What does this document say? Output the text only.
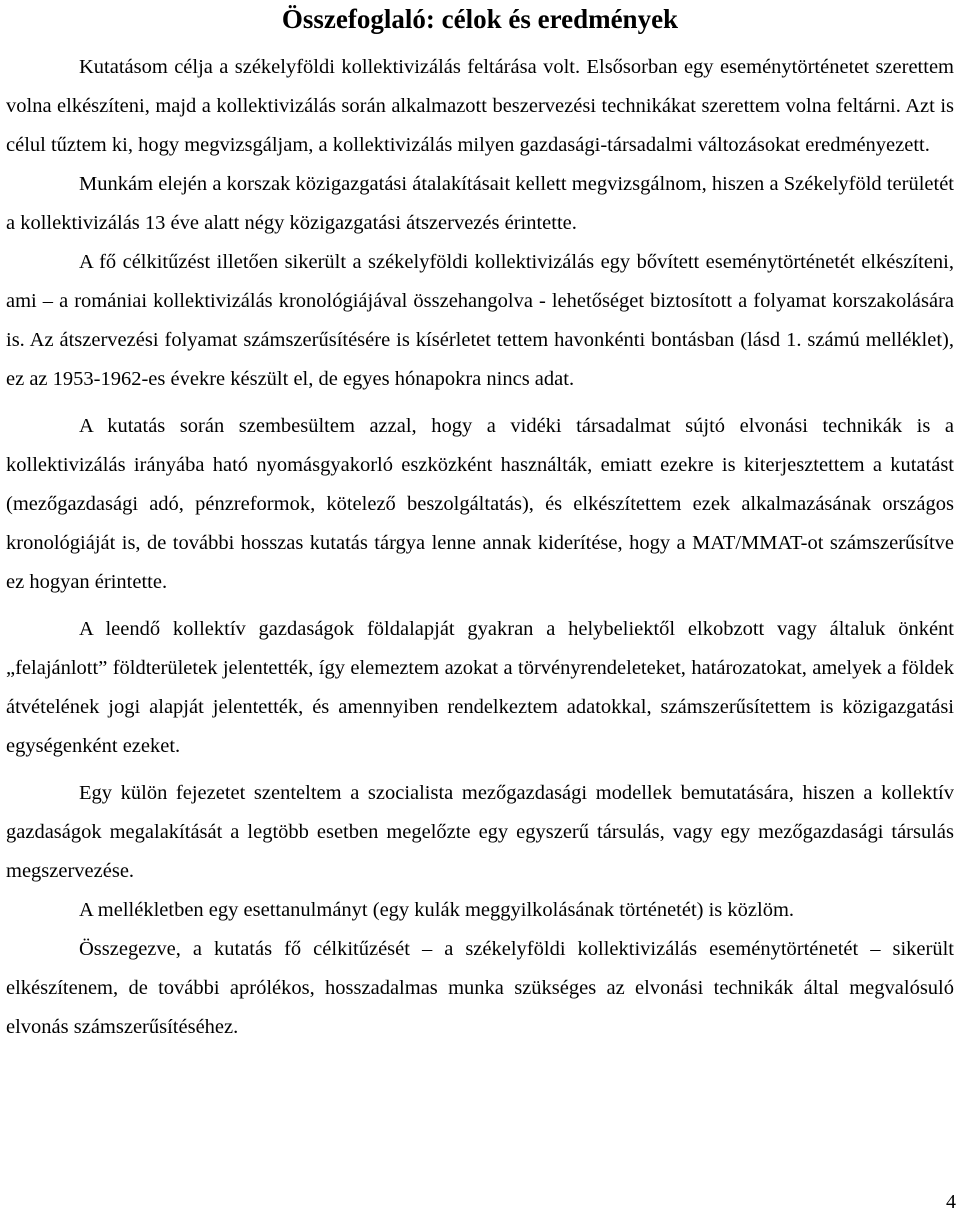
Összefoglaló: célok és eredmények

Kutatásom célja a székelyföldi kollektivizálás feltárása volt. Elsősorban egy eseménytörténetet szerettem volna elkészíteni, majd a kollektivizálás során alkalmazott beszervezési technikákat szerettem volna feltárni. Azt is célul tűztem ki, hogy megvizsgáljam, a kollektivizálás milyen gazdasági-társadalmi változásokat eredményezett.

Munkám elején a korszak közigazgatási átalakításait kellett megvizsgálnom, hiszen a Székelyföld területét a kollektivizálás 13 éve alatt négy közigazgatási átszervezés érintette.

A fő célkitűzést illetően sikerült a székelyföldi kollektivizálás egy bővített eseménytörténetét elkészíteni, ami – a romániai kollektivizálás kronológiájával összehangolva - lehetőséget biztosított a folyamat korszakolására is. Az átszervezési folyamat számszerűsítésére is kísérletet tettem havonkénti bontásban (lásd 1. számú melléklet), ez az 1953-1962-es évekre készült el, de egyes hónapokra nincs adat.

A kutatás során szembesültem azzal, hogy a vidéki társadalmat sújtó elvonási technikák is a kollektivizálás irányába ható nyomásgyakorló eszközként használták, emiatt ezekre is kiterjesztettem a kutatást (mezőgazdasági adó, pénzreformok, kötelező beszolgáltatás), és elkészítettem ezek alkalmazásának országos kronológiáját is, de további hosszas kutatás tárgya lenne annak kiderítése, hogy a MAT/MMAT-ot számszerűsítve ez hogyan érintette.

A leendő kollektív gazdaságok földalapját gyakran a helybeliektől elkobzott vagy általuk önként „felajánlott” földterületek jelentették, így elemeztem azokat a törvényrendeleteket, határozatokat, amelyek a földek átvételének jogi alapját jelentették, és amennyiben rendelkeztem adatokkal, számszerűsítettem is közigazgatási egységenként ezeket.

Egy külön fejezetet szenteltem a szocialista mezőgazdasági modellek bemutatására, hiszen a kollektív gazdaságok megalakítását a legtöbb esetben megelőzte egy egyszerű társulás, vagy egy mezőgazdasági társulás megszervezése.

A mellékletben egy esettanulmányt (egy kulák meggyilkolásának történetét) is közlöm.

Összegezve, a kutatás fő célkitűzését – a székelyföldi kollektivizálás eseménytörténetét – sikerült elkészítenem, de további aprólékos, hosszadalmas munka szükséges az elvonási technikák által megvalósuló elvonás számszerűsítéséhez.

4
